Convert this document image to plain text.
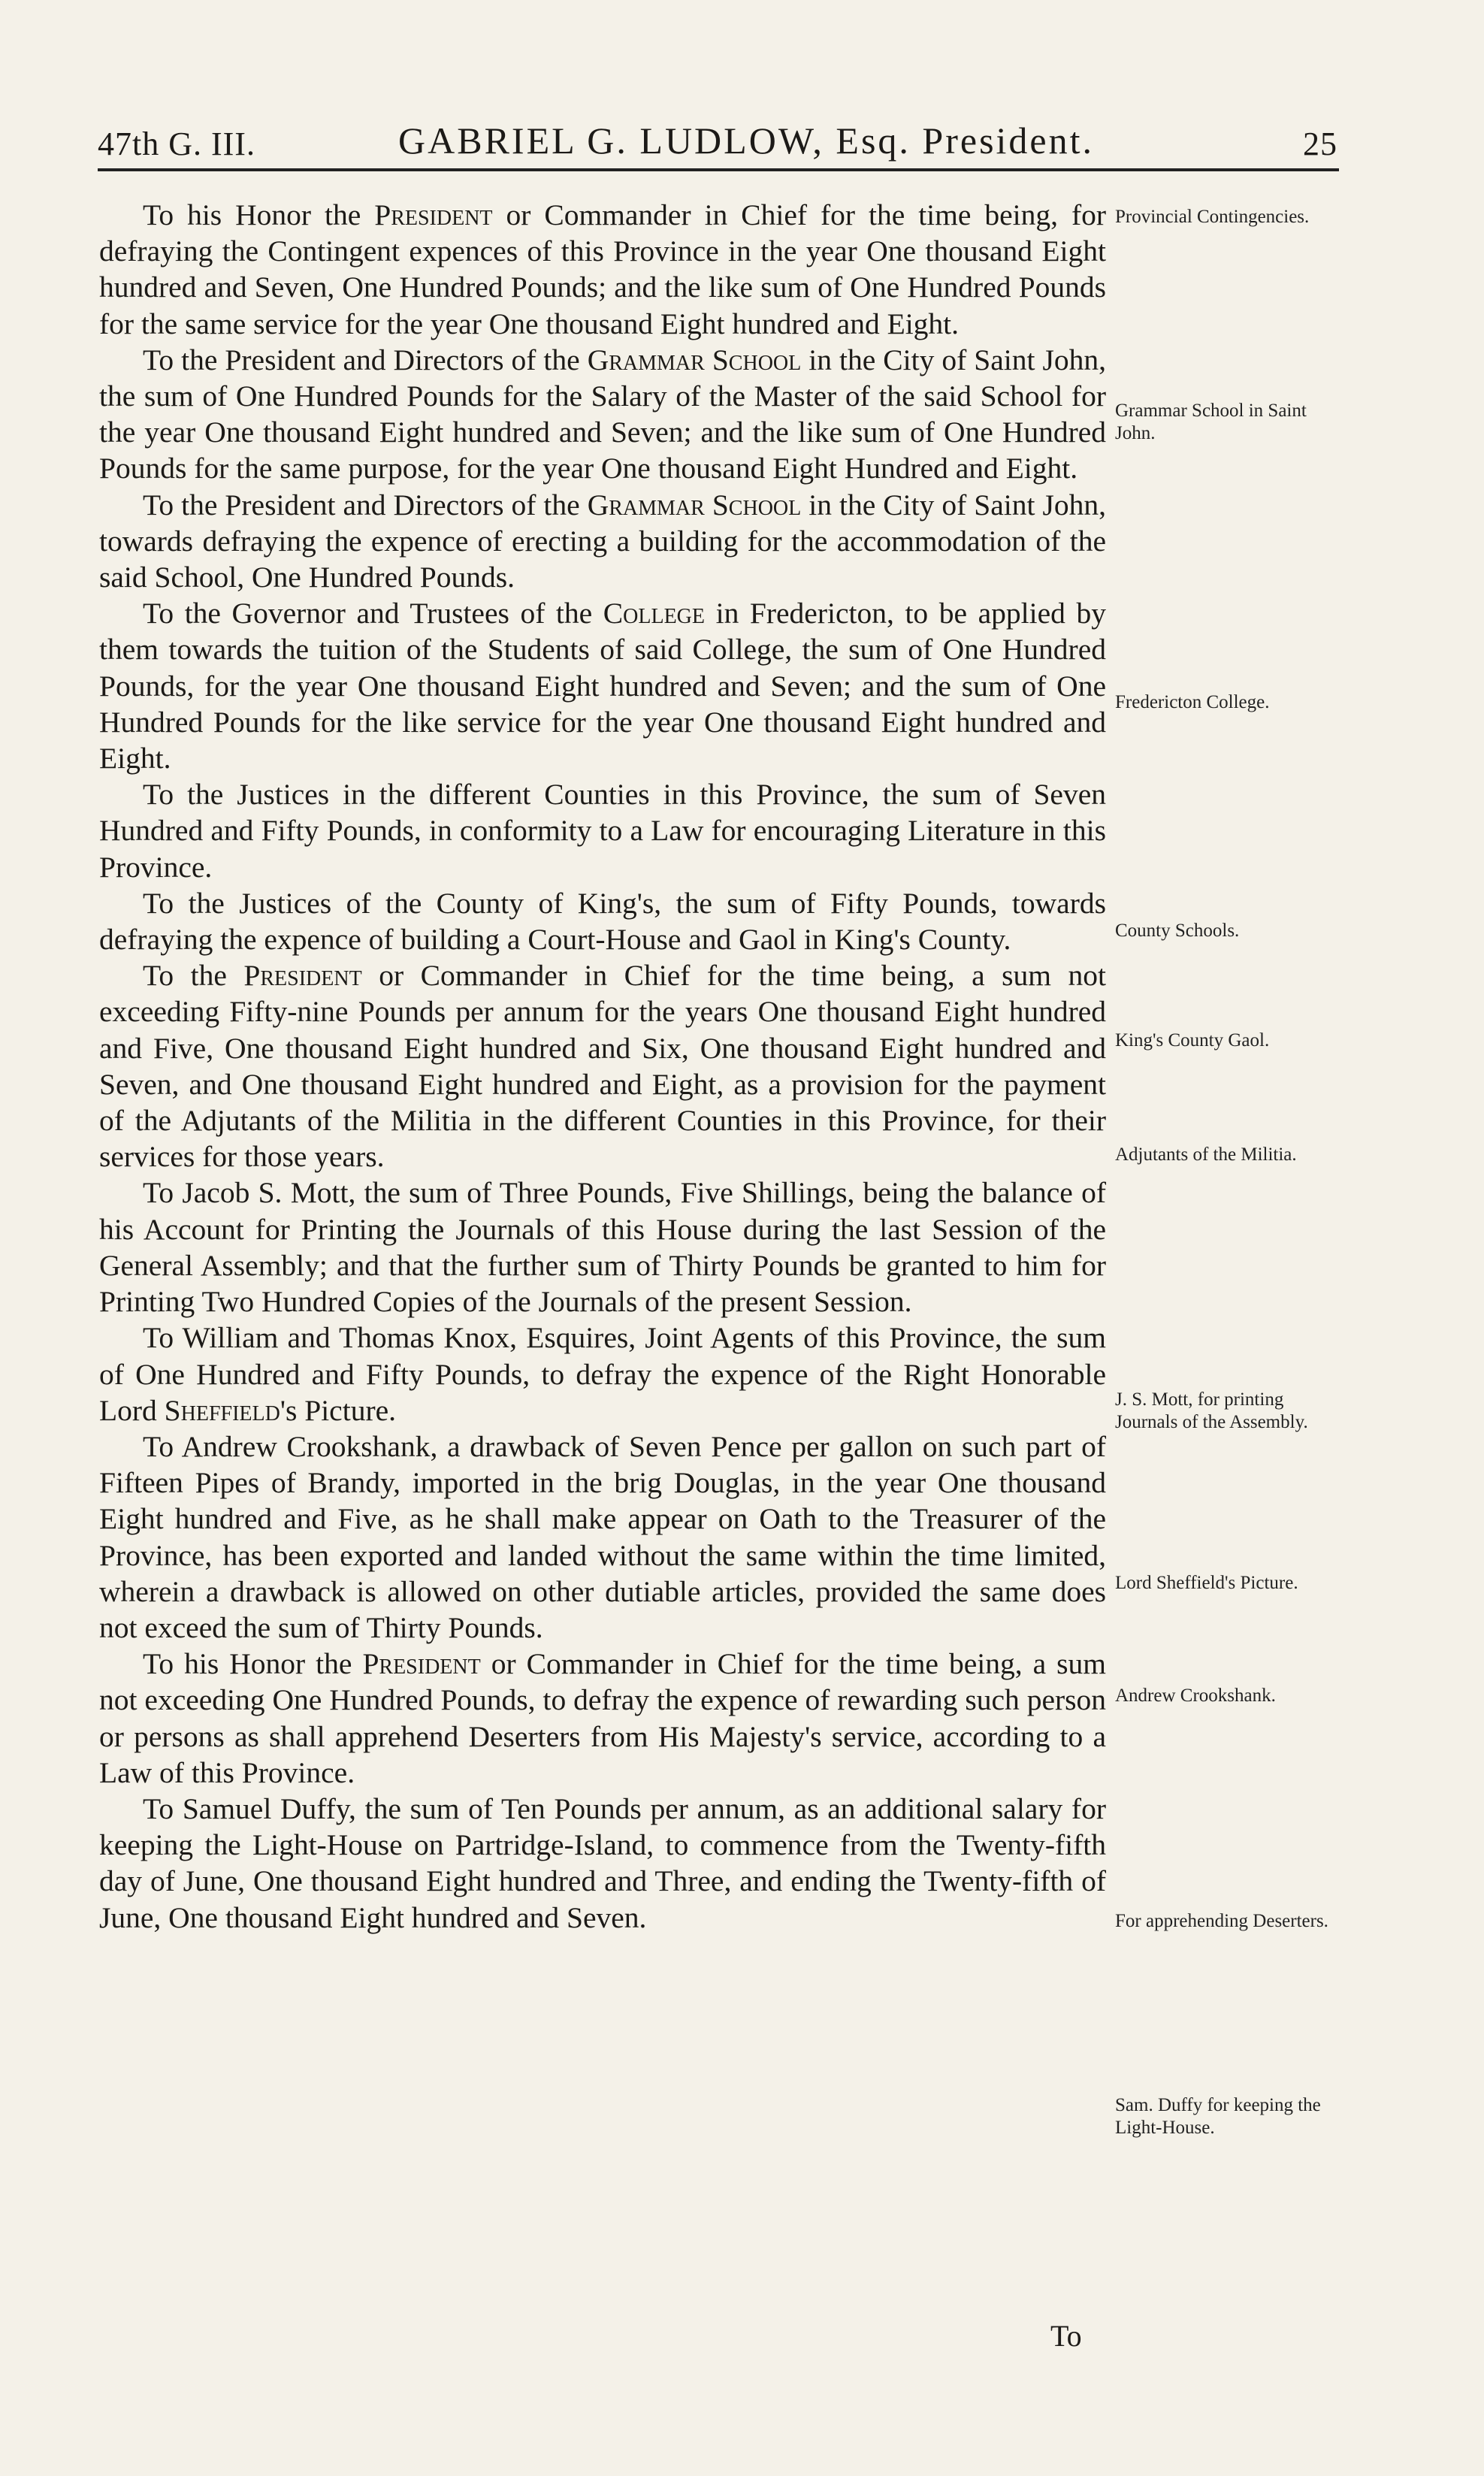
47th G. III.	GABRIEL G. LUDLOW, Esq. President.	25

To his Honor the President or Commander in Chief for the time being, for defraying the Contingent expences of this Province in the year One thousand Eight hundred and Seven, One Hundred Pounds; and the like sum of One Hundred Pounds for the same service for the year One thousand Eight hundred and Eight.

To the President and Directors of the Grammar School in the City of Saint John, the sum of One Hundred Pounds for the Salary of the Master of the said School for the year One thousand Eight hundred and Seven; and the like sum of One Hundred Pounds for the same purpose, for the year One thousand Eight Hundred and Eight.

To the President and Directors of the Grammar School in the City of Saint John, towards defraying the expence of erecting a building for the accommodation of the said School, One Hundred Pounds.

To the Governor and Trustees of the College in Fredericton, to be applied by them towards the tuition of the Students of said College, the sum of One Hundred Pounds, for the year One thousand Eight hundred and Seven; and the sum of One Hundred Pounds for the like service for the year One thousand Eight hundred and Eight.

To the Justices in the different Counties in this Province, the sum of Seven Hundred and Fifty Pounds, in conformity to a Law for encouraging Literature in this Province.

To the Justices of the County of King's, the sum of Fifty Pounds, towards defraying the expence of building a Court-House and Gaol in King's County.

To the President or Commander in Chief for the time being, a sum not exceeding Fifty-nine Pounds per annum for the years One thousand Eight hundred and Five, One thousand Eight hundred and Six, One thousand Eight hundred and Seven, and One thousand Eight hundred and Eight, as a provision for the payment of the Adjutants of the Militia in the different Counties in this Province, for their services for those years.

To Jacob S. Mott, the sum of Three Pounds, Five Shillings, being the balance of his Account for Printing the Journals of this House during the last Session of the General Assembly; and that the further sum of Thirty Pounds be granted to him for Printing Two Hundred Copies of the Journals of the present Session.

To William and Thomas Knox, Esquires, Joint Agents of this Province, the sum of One Hundred and Fifty Pounds, to defray the expence of the Right Honorable Lord Sheffield's Picture.

To Andrew Crookshank, a drawback of Seven Pence per gallon on such part of Fifteen Pipes of Brandy, imported in the brig Douglas, in the year One thousand Eight hundred and Five, as he shall make appear on Oath to the Treasurer of the Province, has been exported and landed without the same within the time limited, wherein a drawback is allowed on other dutiable articles, provided the same does not exceed the sum of Thirty Pounds.

To his Honor the President or Commander in Chief for the time being, a sum not exceeding One Hundred Pounds, to defray the expence of rewarding such person or persons as shall apprehend Deserters from His Majesty's service, according to a Law of this Province.

To Samuel Duffy, the sum of Ten Pounds per annum, as an additional salary for keeping the Light-House on Partridge-Island, to commence from the Twenty-fifth day of June, One thousand Eight hundred and Three, and ending the Twenty-fifth of June, One thousand Eight hundred and Seven.

Provincial Contingencies.
Grammar School in Saint John.
Fredericton College.
County Schools.
King's County Gaol.
Adjutants of the Militia.
J. S. Mott, for printing Journals of the Assembly.
Lord Sheffield's Picture.
Andrew Crookshank.
For apprehending Deserters.
Sam. Duffy for keeping the Light-House.
To
